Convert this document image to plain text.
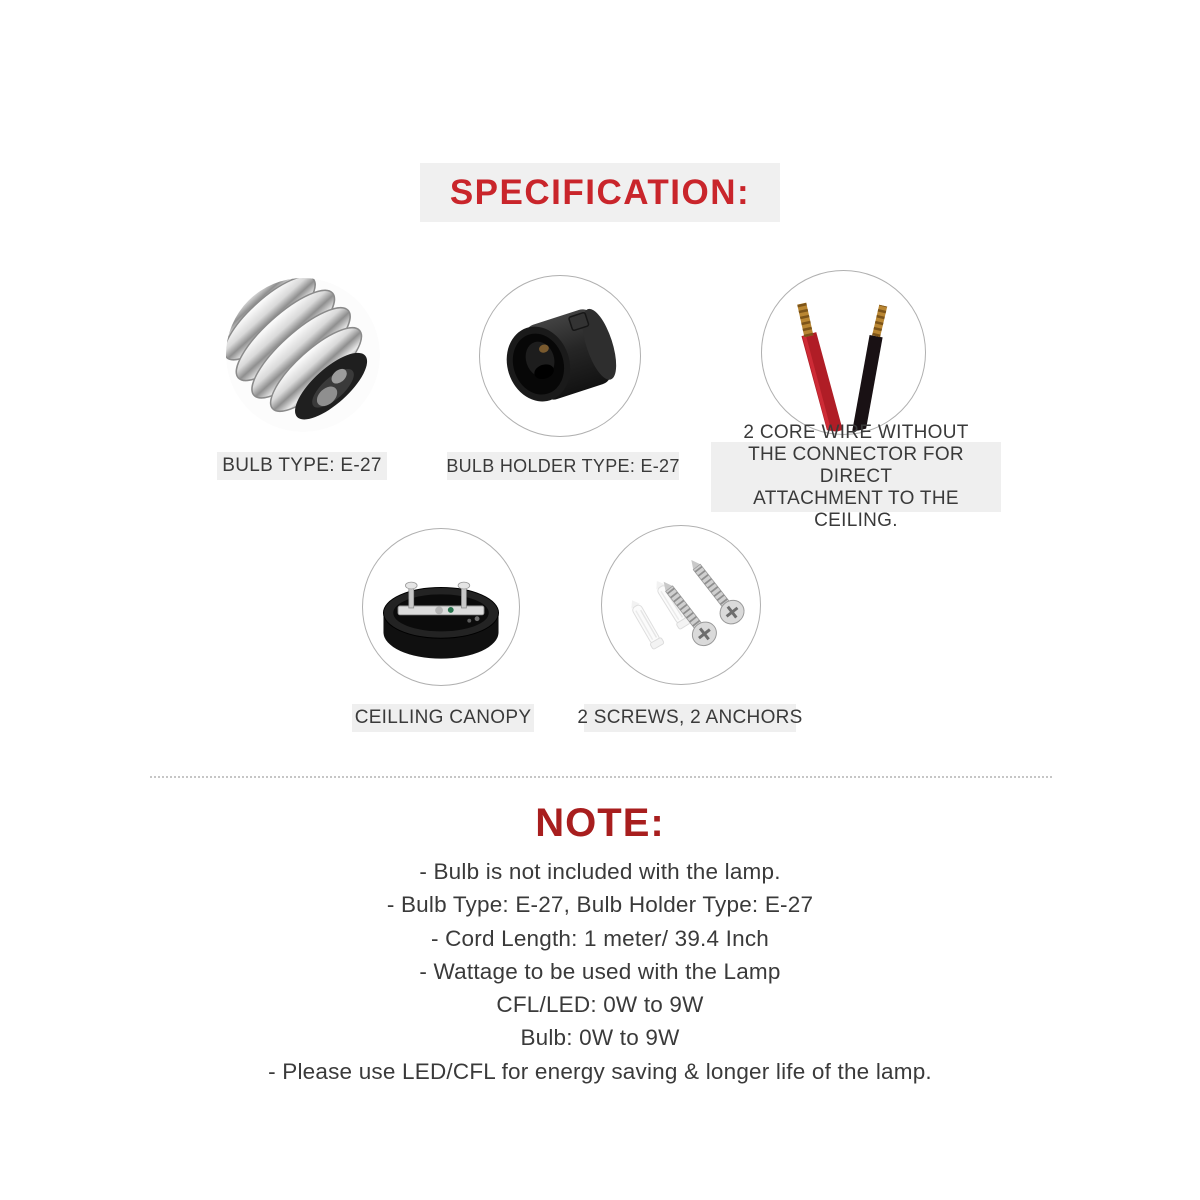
SPECIFICATION:
BULB TYPE: E-27	BULB HOLDER TYPE: E-27
2 CORE WIRE WITHOUT
THE CONNECTOR FOR DIRECT
ATTACHMENT TO THE CEILING.
CEILLING CANOPY 2 SCREWS, 2 ANCHORS
NOTE:
- Bulb is not included with the lamp.
- Bulb Type: E-27, Bulb Holder Type: E-27
- Cord Length: 1 meter/ 39.4 Inch
- Wattage to be used with the Lamp
CFL/LED: 0W to 9W
Bulb: 0W to 9W
- Please use LED/CFL for energy saving & longer life of the lamp.
